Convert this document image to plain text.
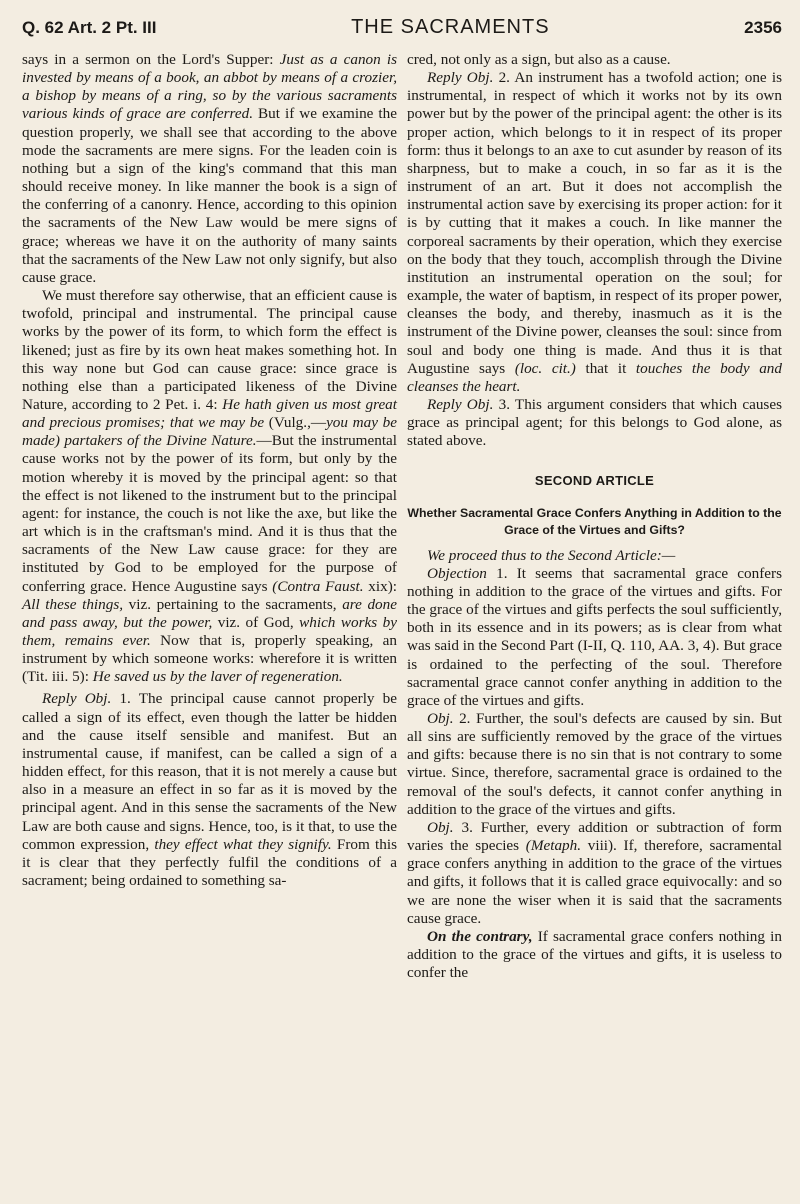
Q. 62 Art. 2 Pt. III	THE SACRAMENTS	2356

says in a sermon on the Lord's Supper: Just as a canon is invested by means of a book, an abbot by means of a crozier, a bishop by means of a ring, so by the various sacraments various kinds of grace are conferred. But if we examine the question properly, we shall see that according to the above mode the sacraments are mere signs. For the leaden coin is nothing but a sign of the king's command that this man should receive money. In like manner the book is a sign of the conferring of a canonry. Hence, according to this opinion the sacraments of the New Law would be mere signs of grace; whereas we have it on the authority of many saints that the sacraments of the New Law not only signify, but also cause grace.

We must therefore say otherwise, that an efficient cause is twofold, principal and instrumental. The principal cause works by the power of its form, to which form the effect is likened; just as fire by its own heat makes something hot. In this way none but God can cause grace: since grace is nothing else than a participated likeness of the Divine Nature, according to 2 Pet. i. 4: He hath given us most great and precious promises; that we may be (Vulg.,—you may be made) partakers of the Divine Nature.—But the instrumental cause works not by the power of its form, but only by the motion whereby it is moved by the principal agent: so that the effect is not likened to the instrument but to the principal agent: for instance, the couch is not like the axe, but like the art which is in the craftsman's mind. And it is thus that the sacraments of the New Law cause grace: for they are instituted by God to be employed for the purpose of conferring grace. Hence Augustine says (Contra Faust. xix): All these things, viz. pertaining to the sacraments, are done and pass away, but the power, viz. of God, which works by them, remains ever. Now that is, properly speaking, an instrument by which someone works: wherefore it is written (Tit. iii. 5): He saved us by the laver of regeneration.

Reply Obj. 1. The principal cause cannot properly be called a sign of its effect, even though the latter be hidden and the cause itself sensible and manifest. But an instrumental cause, if manifest, can be called a sign of a hidden effect, for this reason, that it is not merely a cause but also in a measure an effect in so far as it is moved by the principal agent. And in this sense the sacraments of the New Law are both cause and signs. Hence, too, is it that, to use the common expression, they effect what they signify. From this it is clear that they perfectly fulfil the conditions of a sacrament; being ordained to something sa-

cred, not only as a sign, but also as a cause.

Reply Obj. 2. An instrument has a twofold action; one is instrumental, in respect of which it works not by its own power but by the power of the principal agent: the other is its proper action, which belongs to it in respect of its proper form: thus it belongs to an axe to cut asunder by reason of its sharpness, but to make a couch, in so far as it is the instrument of an art. But it does not accomplish the instrumental action save by exercising its proper action: for it is by cutting that it makes a couch. In like manner the corporeal sacraments by their operation, which they exercise on the body that they touch, accomplish through the Divine institution an instrumental operation on the soul; for example, the water of baptism, in respect of its proper power, cleanses the body, and thereby, inasmuch as it is the instrument of the Divine power, cleanses the soul: since from soul and body one thing is made. And thus it is that Augustine says (loc. cit.) that it touches the body and cleanses the heart.

Reply Obj. 3. This argument considers that which causes grace as principal agent; for this belongs to God alone, as stated above.

SECOND ARTICLE
Whether Sacramental Grace Confers Anything in Addition to the Grace of the Virtues and Gifts?

We proceed thus to the Second Article:—

Objection 1. It seems that sacramental grace confers nothing in addition to the grace of the virtues and gifts. For the grace of the virtues and gifts perfects the soul sufficiently, both in its essence and in its powers; as is clear from what was said in the Second Part (I-II, Q. 110, AA. 3, 4). But grace is ordained to the perfecting of the soul. Therefore sacramental grace cannot confer anything in addition to the grace of the virtues and gifts.

Obj. 2. Further, the soul's defects are caused by sin. But all sins are sufficiently removed by the grace of the virtues and gifts: because there is no sin that is not contrary to some virtue. Since, therefore, sacramental grace is ordained to the removal of the soul's defects, it cannot confer anything in addition to the grace of the virtues and gifts.

Obj. 3. Further, every addition or subtraction of form varies the species (Metaph. viii). If, therefore, sacramental grace confers anything in addition to the grace of the virtues and gifts, it follows that it is called grace equivocally: and so we are none the wiser when it is said that the sacraments cause grace.

On the contrary, If sacramental grace confers nothing in addition to the grace of the virtues and gifts, it is useless to confer the
